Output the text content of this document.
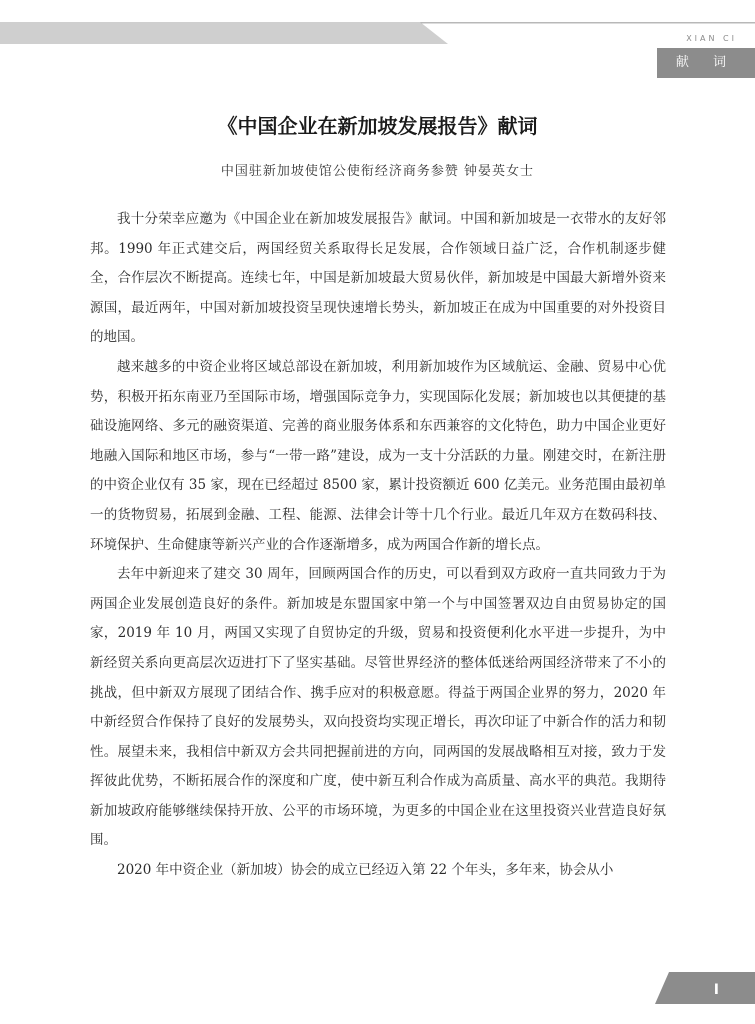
XIAN CI
献 词
《中国企业在新加坡发展报告》献词
中国驻新加坡使馆公使衔经济商务参赞 钟晏英女士

我十分荣幸应邀为《中国企业在新加坡发展报告》献词。中国和新加坡是一衣带水的友好邻邦。1990 年正式建交后，两国经贸关系取得长足发展，合作领域日益广泛，合作机制逐步健全，合作层次不断提高。连续七年，中国是新加坡最大贸易伙伴，新加坡是中国最大新增外资来源国，最近两年，中国对新加坡投资呈现快速增长势头，新加坡正在成为中国重要的对外投资目的地国。

越来越多的中资企业将区域总部设在新加坡，利用新加坡作为区域航运、金融、贸易中心优势，积极开拓东南亚乃至国际市场，增强国际竞争力，实现国际化发展；新加坡也以其便捷的基础设施网络、多元的融资渠道、完善的商业服务体系和东西兼容的文化特色，助力中国企业更好地融入国际和地区市场，参与“一带一路”建设，成为一支十分活跃的力量。刚建交时，在新注册的中资企业仅有 35 家，现在已经超过 8500 家，累计投资额近 600 亿美元。业务范围由最初单一的货物贸易，拓展到金融、工程、能源、法律会计等十几个行业。最近几年双方在数码科技、环境保护、生命健康等新兴产业的合作逐渐增多，成为两国合作新的增长点。

去年中新迎来了建交 30 周年，回顾两国合作的历史，可以看到双方政府一直共同致力于为两国企业发展创造良好的条件。新加坡是东盟国家中第一个与中国签署双边自由贸易协定的国家，2019 年 10 月，两国又实现了自贸协定的升级，贸易和投资便利化水平进一步提升，为中新经贸关系向更高层次迈进打下了坚实基础。尽管世界经济的整体低迷给两国经济带来了不小的挑战，但中新双方展现了团结合作、携手应对的积极意愿。得益于两国企业界的努力，2020 年中新经贸合作保持了良好的发展势头，双向投资均实现正增长，再次印证了中新合作的活力和韧性。展望未来，我相信中新双方会共同把握前进的方向，同两国的发展战略相互对接，致力于发挥彼此优势，不断拓展合作的深度和广度，使中新互利合作成为高质量、高水平的典范。我期待新加坡政府能够继续保持开放、公平的市场环境，为更多的中国企业在这里投资兴业营造良好氛围。

2020 年中资企业（新加坡）协会的成立已经迈入第 22 个年头，多年来，协会从小

I
